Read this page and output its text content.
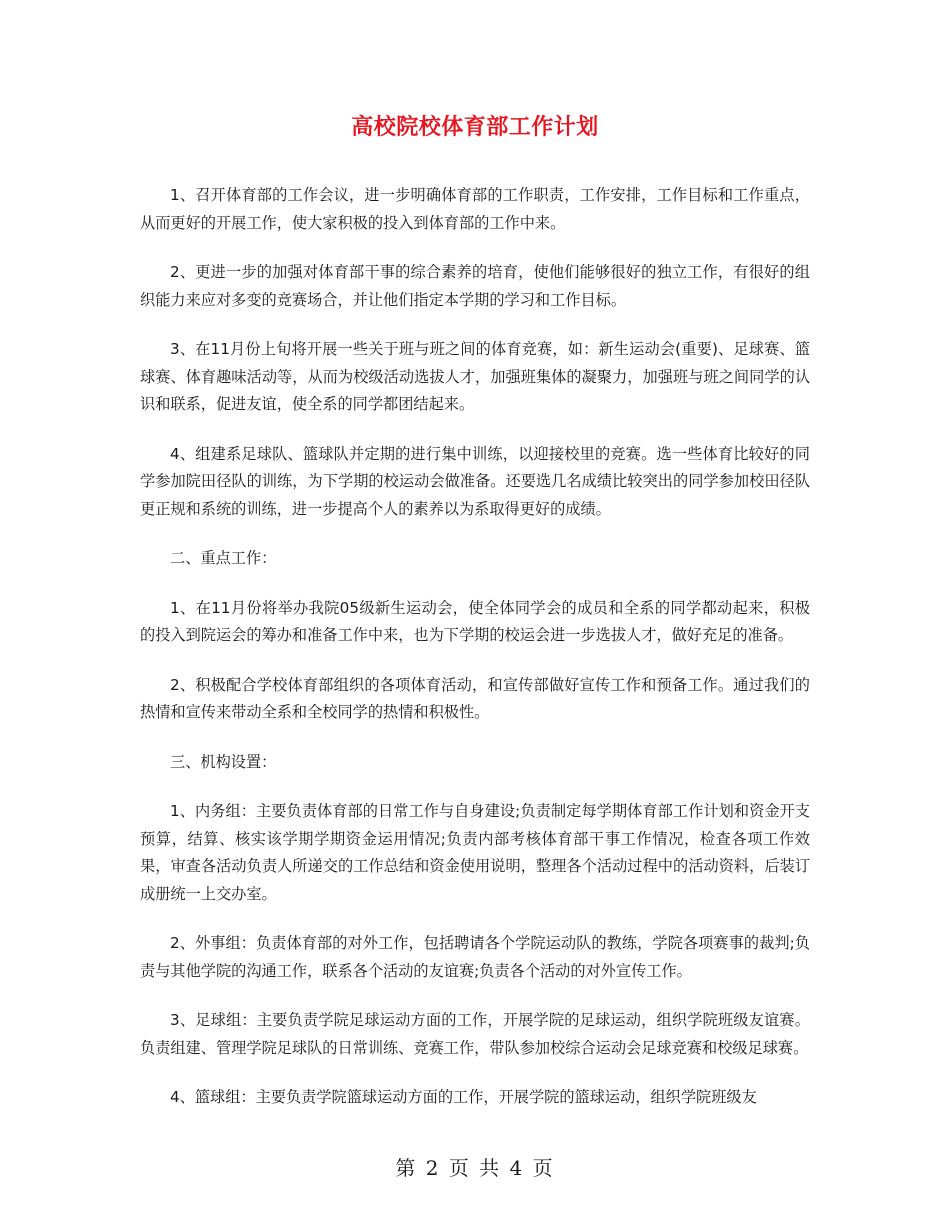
高校院校体育部工作计划

1、召开体育部的工作会议，进一步明确体育部的工作职责，工作安排，工作目标和工作重点，从而更好的开展工作，使大家积极的投入到体育部的工作中来。

2、更进一步的加强对体育部干事的综合素养的培育，使他们能够很好的独立工作，有很好的组织能力来应对多变的竞赛场合，并让他们指定本学期的学习和工作目标。

3、在11月份上旬将开展一些关于班与班之间的体育竞赛，如：新生运动会(重要)、足球赛、篮球赛、体育趣味活动等，从而为校级活动选拔人才，加强班集体的凝聚力，加强班与班之间同学的认识和联系，促进友谊，使全系的同学都团结起来。

4、组建系足球队、篮球队并定期的进行集中训练，以迎接校里的竞赛。选一些体育比较好的同学参加院田径队的训练，为下学期的校运动会做准备。还要选几名成绩比较突出的同学参加校田径队更正规和系统的训练，进一步提高个人的素养以为系取得更好的成绩。

二、重点工作：

1、在11月份将举办我院05级新生运动会，使全体同学会的成员和全系的同学都动起来，积极的投入到院运会的筹办和准备工作中来，也为下学期的校运会进一步选拔人才，做好充足的准备。

2、积极配合学校体育部组织的各项体育活动，和宣传部做好宣传工作和预备工作。通过我们的热情和宣传来带动全系和全校同学的热情和积极性。

三、机构设置：

1、内务组：主要负责体育部的日常工作与自身建设;负责制定每学期体育部工作计划和资金开支预算，结算、核实该学期学期资金运用情况;负责内部考核体育部干事工作情况，检查各项工作效果，审查各活动负责人所递交的工作总结和资金使用说明，整理各个活动过程中的活动资料，后装订成册统一上交办室。

2、外事组：负责体育部的对外工作，包括聘请各个学院运动队的教练，学院各项赛事的裁判;负责与其他学院的沟通工作，联系各个活动的友谊赛;负责各个活动的对外宣传工作。

3、足球组：主要负责学院足球运动方面的工作，开展学院的足球运动，组织学院班级友谊赛。负责组建、管理学院足球队的日常训练、竞赛工作，带队参加校综合运动会足球竞赛和校级足球赛。

4、篮球组：主要负责学院篮球运动方面的工作，开展学院的篮球运动，组织学院班级友

第 2 页 共 4 页
